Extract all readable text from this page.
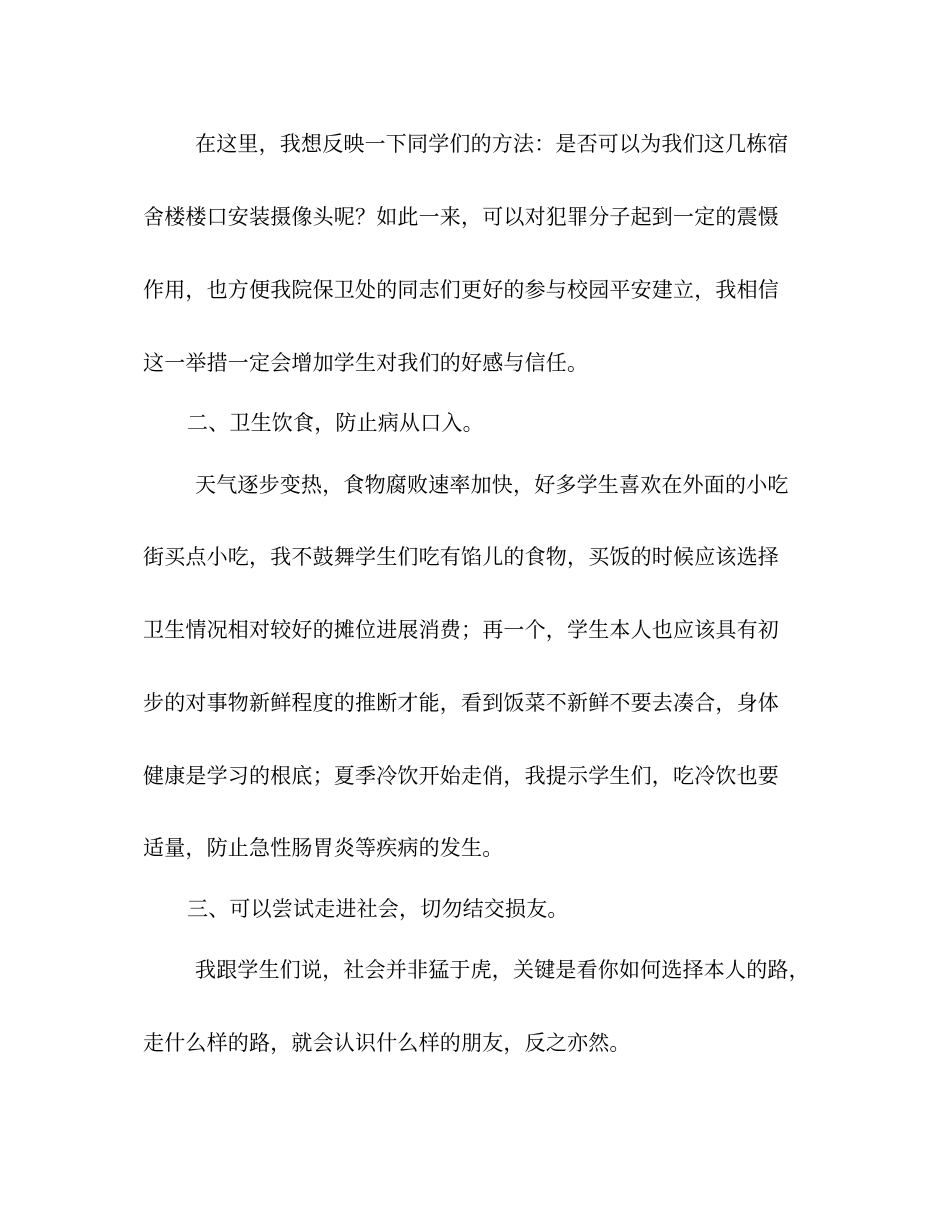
在这里，我想反映一下同学们的方法：是否可以为我们这几栋宿
舍楼楼口安装摄像头呢？如此一来，可以对犯罪分子起到一定的震慑
作用，也方便我院保卫处的同志们更好的参与校园平安建立，我相信
这一举措一定会增加学生对我们的好感与信任。
二、卫生饮食，防止病从口入。
天气逐步变热，食物腐败速率加快，好多学生喜欢在外面的小吃
街买点小吃，我不鼓舞学生们吃有馅儿的食物，买饭的时候应该选择
卫生情况相对较好的摊位进展消费；再一个，学生本人也应该具有初
步的对事物新鲜程度的推断才能，看到饭菜不新鲜不要去凑合，身体
健康是学习的根底；夏季冷饮开始走俏，我提示学生们，吃冷饮也要
适量，防止急性肠胃炎等疾病的发生。
三、可以尝试走进社会，切勿结交损友。
我跟学生们说，社会并非猛于虎，关键是看你如何选择本人的路，
走什么样的路，就会认识什么样的朋友，反之亦然。
